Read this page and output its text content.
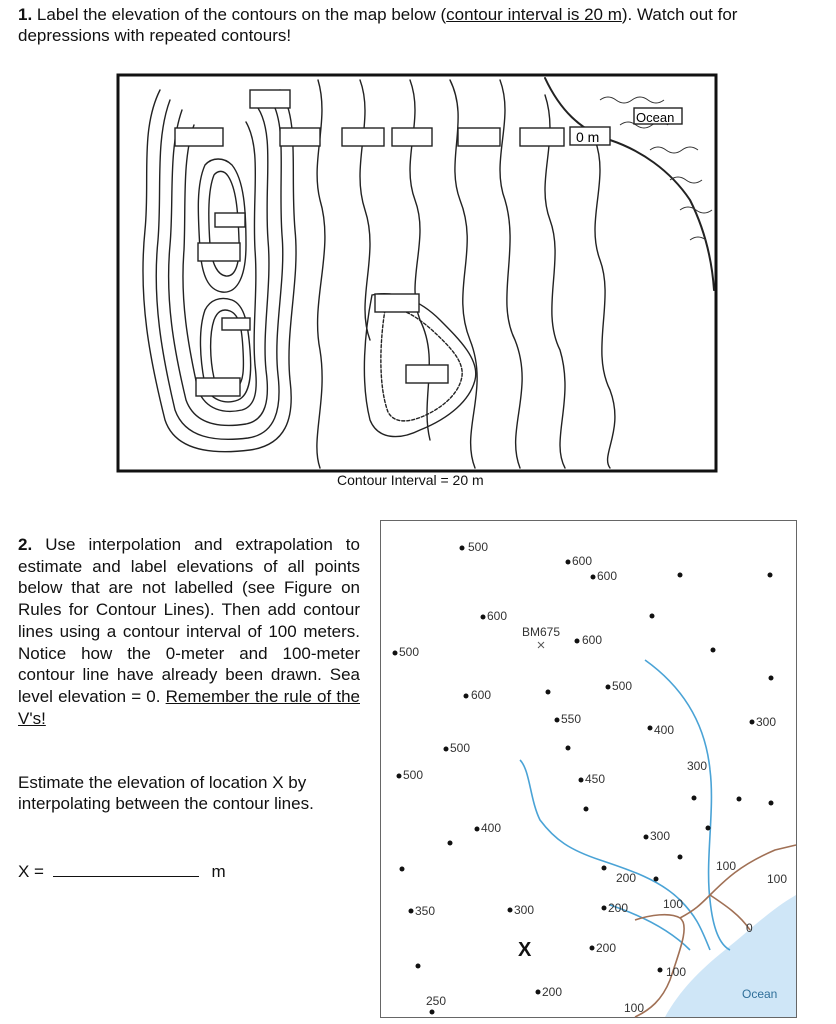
1. Label the elevation of the contours on the map below (contour interval is 20 m). Watch out for depressions with repeated contours!
0 m
Ocean
Contour Interval = 20 m
2. Use interpolation and extrapolation to estimate and label elevations of all points below that are not labelled (see Figure on Rules for Contour Lines). Then add contour lines using a contour interval of 100 meters. Notice how the 0-meter and 100-meter contour line have already been drawn. Sea level elevation = 0. Remember the rule of the V's!
Estimate the elevation of location X by interpolating between the contour lines.
X =	m
500
600
600
600
BM675
600
500
600
500
550
400
300
500
500	450
300
400
300
200
100
100
100
350	300	200
200
X
100
200
250	100
0
Ocean
